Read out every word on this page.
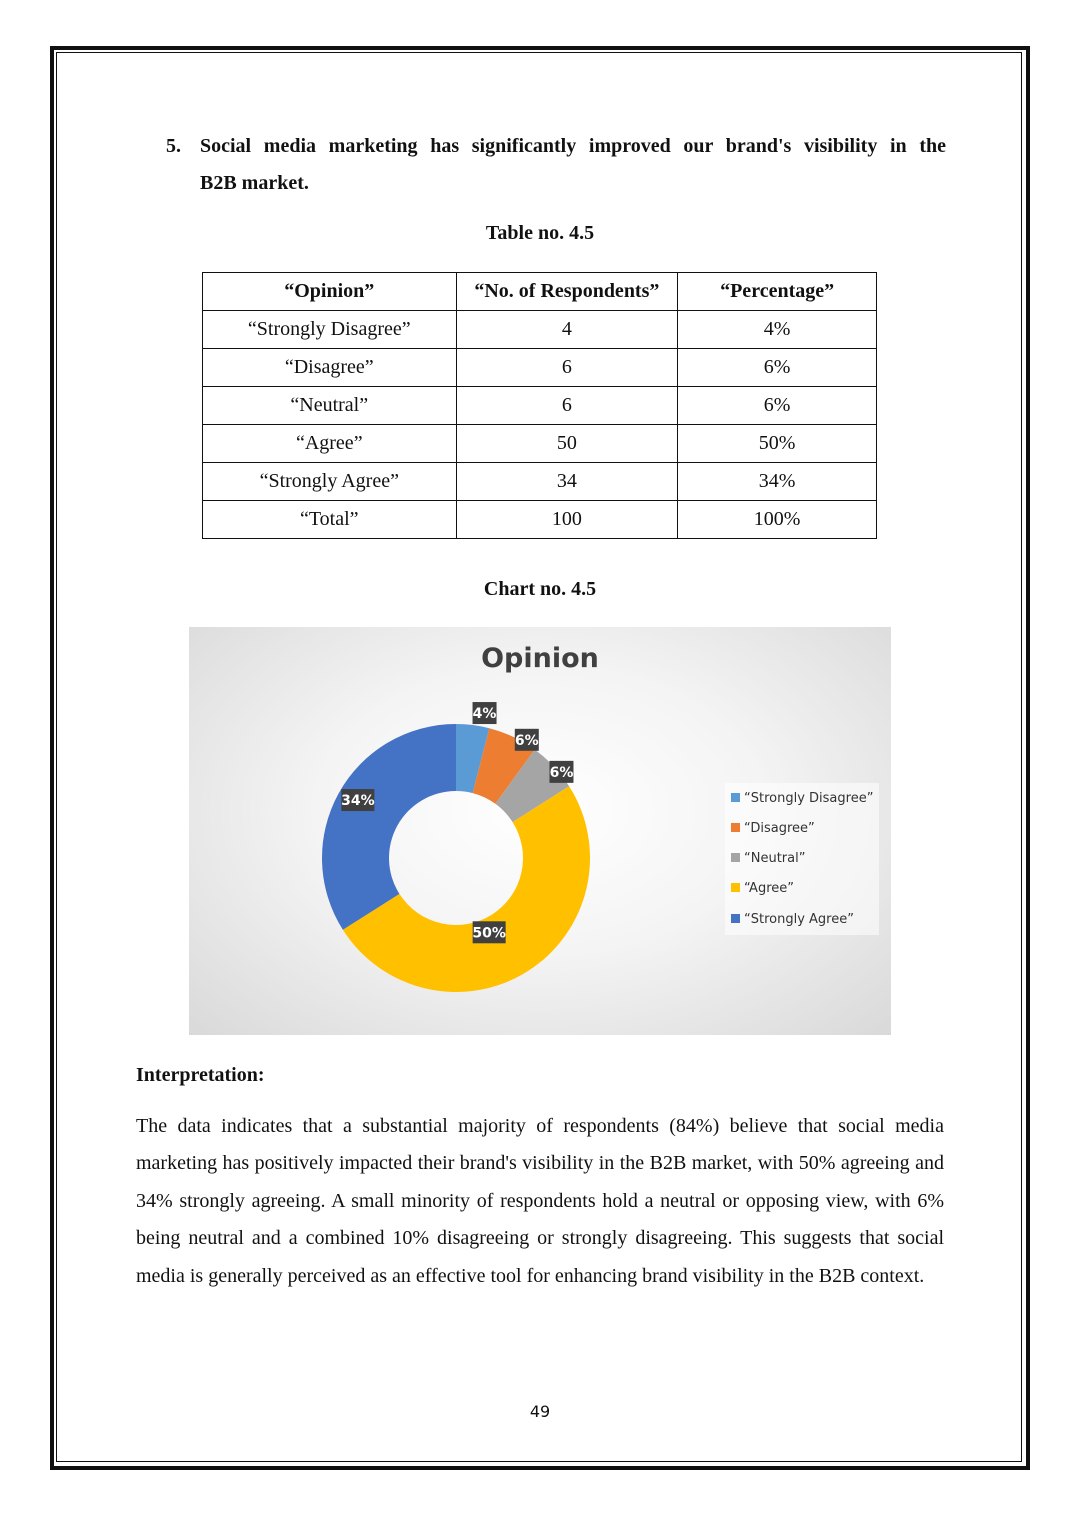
5. Social media marketing has significantly improved our brand's visibility in the
B2B market.
Table no. 4.5
“Opinion”	“No. of Respondents”	“Percentage”
“Strongly Disagree”	4	4%
“Disagree”	6	6%
“Neutral”	6	6%
“Agree”	50	50%
“Strongly Agree”	34	34%
“Total”	100	100%
Chart no. 4.5
Opinion
4%
6%
6%
50%
34%	“Strongly Disagree”
“Disagree”
“Neutral”
“Agree”
“Strongly Agree”
Interpretation:
The data indicates that a substantial majority of respondents (84%) believe that social media marketing has positively impacted their brand's visibility in the B2B market, with 50% agreeing and 34% strongly agreeing. A small minority of respondents hold a neutral or opposing view, with 6% being neutral and a combined 10% disagreeing or strongly disagreeing. This suggests that social media is generally perceived as an effective tool for enhancing brand visibility in the B2B context.
49
